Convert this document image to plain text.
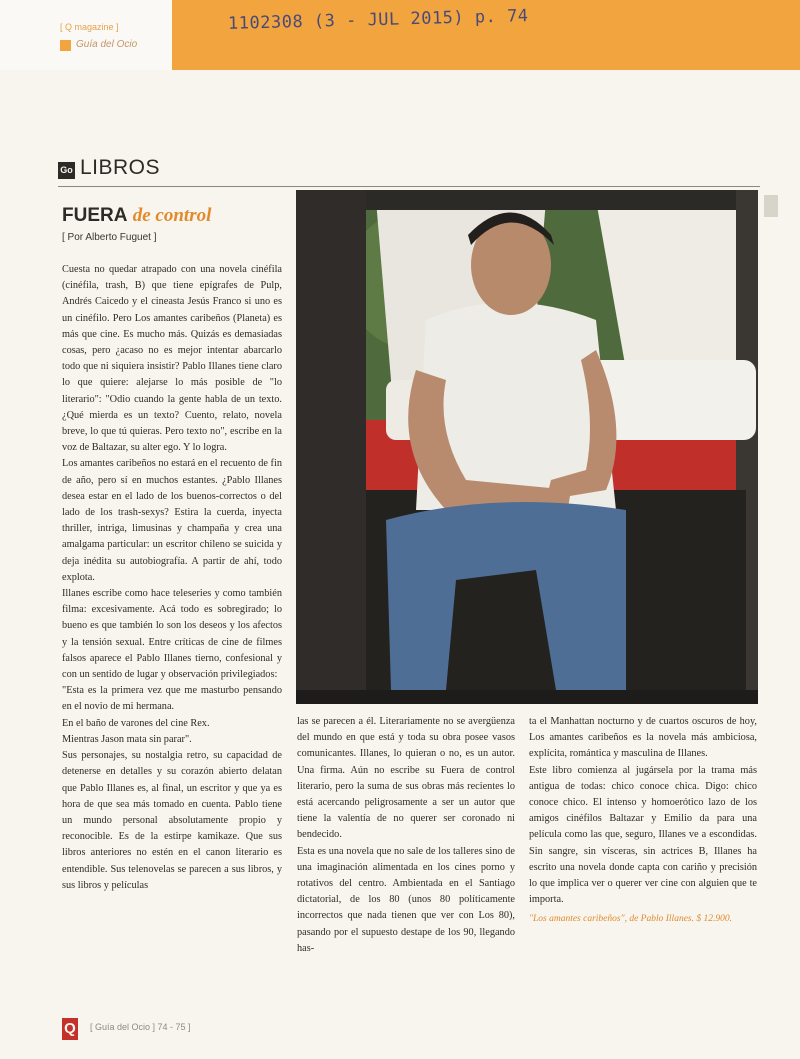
[ Q magazine ]
Guía del Ocio
1102308 (3 - JUL 2015) p. 74
Go LIBROS
FUERA de control
[ Por Alberto Fuguet ]

Cuesta no quedar atrapado con una novela cinéfila (cinéfila, trash, B) que tiene epígrafes de Pulp, Andrés Caicedo y el cineasta Jesús Franco si uno es un cinéfilo. Pero Los amantes caribeños (Planeta) es más que cine. Es mucho más. Quizás es demasiadas cosas, pero ¿acaso no es mejor intentar abarcarlo todo que ni siquiera insistir? Pablo Illanes tiene claro lo que quiere: alejarse lo más posible de "lo literario": "Odio cuando la gente habla de un texto. ¿Qué mierda es un texto? Cuento, relato, novela breve, lo que tú quieras. Pero texto no", escribe en la voz de Baltazar, su alter ego. Y lo logra.

Los amantes caribeños no estará en el recuento de fin de año, pero sí en muchos estantes. ¿Pablo Illanes desea estar en el lado de los buenos-correctos o del lado de los trash-sexys? Estira la cuerda, inyecta thriller, intriga, limusinas y champaña y crea una amalgama particular: un escritor chileno se suicida y deja inédita su autobiografía. A partir de ahí, todo explota.

Illanes escribe como hace teleseries y como también filma: excesivamente. Acá todo es sobregirado; lo bueno es que también lo son los deseos y los afectos y la tensión sexual. Entre críticas de cine de filmes falsos aparece el Pablo Illanes tierno, confesional y con un sentido de lugar y observación privilegiados:

"Esta es la primera vez que me masturbo pensando en el novio de mi hermana.

En el baño de varones del cine Rex.

Mientras Jason mata sin parar".

Sus personajes, su nostalgia retro, su capacidad de detenerse en detalles y su corazón abierto delatan que Pablo Illanes es, al final, un escritor y que ya es hora de que sea más tomado en cuenta. Pablo tiene un mundo personal absolutamente propio y reconocible. Es de la estirpe kamikaze. Que sus libros anteriores no estén en el canon literario es entendible. Sus telenovelas se parecen a sus libros, y sus libros y películas

las se parecen a él. Literariamente no se avergüenza del mundo en que está y toda su obra posee vasos comunicantes. Illanes, lo quieran o no, es un autor. Una firma. Aún no escribe su Fuera de control literario, pero la suma de sus obras más recientes lo está acercando peligrosamente a ser un autor que tiene la valentía de no querer ser coronado ni bendecido.

Esta es una novela que no sale de los talleres sino de una imaginación alimentada en los cines porno y rotativos del centro. Ambientada en el Santiago dictatorial, de los 80 (unos 80 políticamente incorrectos que nada tienen que ver con Los 80), pasando por el supuesto destape de los 90, llegando has-

ta el Manhattan nocturno y de cuartos oscuros de hoy, Los amantes caribeños es la novela más ambiciosa, explícita, romántica y masculina de Illanes.

Este libro comienza al jugársela por la trama más antigua de todas: chico conoce chica. Digo: chico conoce chico. El intenso y homoerótico lazo de los amigos cinéfilos Baltazar y Emilio da para una película como las que, seguro, Illanes ve a escondidas. Sin sangre, sin vísceras, sin actrices B, Illanes ha escrito una novela donde capta con cariño y precisión lo que implica ver o querer ver cine con alguien que te importa.

"Los amantes caribeños", de Pablo Illanes. $ 12.900.

Q [ Guía del Ocio ] 74 - 75 ]
